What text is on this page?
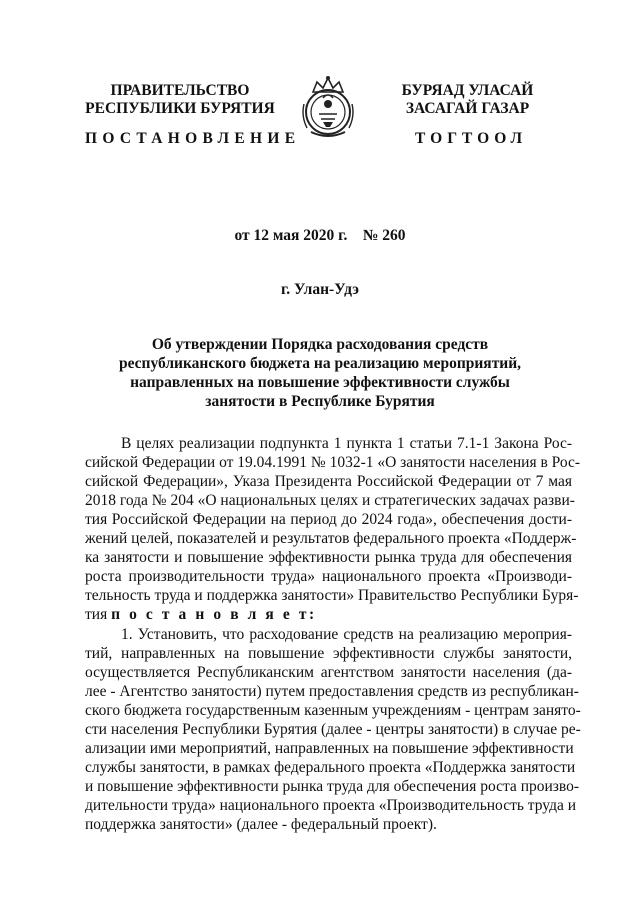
ПРАВИТЕЛЬСТВО
РЕСПУБЛИКИ БУРЯТИЯ
БУРЯАД УЛАСАЙ
ЗАСАГАЙ ГАЗАР
ПОСТАНОВЛЕНИЕ	ТОГТООЛ
от 12 мая 2020 г.    № 260
г. Улан-Удэ
Об утверждении Порядка расходования средств
республиканского бюджета на реализацию мероприятий,
направленных на повышение эффективности службы
занятости в Республике Бурятия
В целях реализации подпункта 1 пункта 1 статьи 7.1-1 Закона Рос-
сийской Федерации от 19.04.1991 № 1032-1 «О занятости населения в Рос-
сийской Федерации», Указа Президента Российской Федерации от 7 мая
2018 года № 204 «О национальных целях и стратегических задачах разви-
тия Российской Федерации на период до 2024 года», обеспечения дости-
жений целей, показателей и результатов федерального проекта «Поддерж-
ка занятости и повышение эффективности рынка труда для обеспечения
роста производительности труда» национального проекта «Производи-
тельность труда и поддержка занятости» Правительство Республики Буря-
тия п о с т а н о в л я е т:
1. Установить, что расходование средств на реализацию мероприя-
тий, направленных на повышение эффективности службы занятости,
осуществляется Республиканским агентством занятости населения (да-
лее - Агентство занятости) путем предоставления средств из республикан-
ского бюджета государственным казенным учреждениям - центрам занято-
сти населения Республики Бурятия (далее - центры занятости) в случае ре-
ализации ими мероприятий, направленных на повышение эффективности
службы занятости, в рамках федерального проекта «Поддержка занятости
и повышение эффективности рынка труда для обеспечения роста произво-
дительности труда» национального проекта «Производительность труда и
поддержка занятости» (далее - федеральный проект).
